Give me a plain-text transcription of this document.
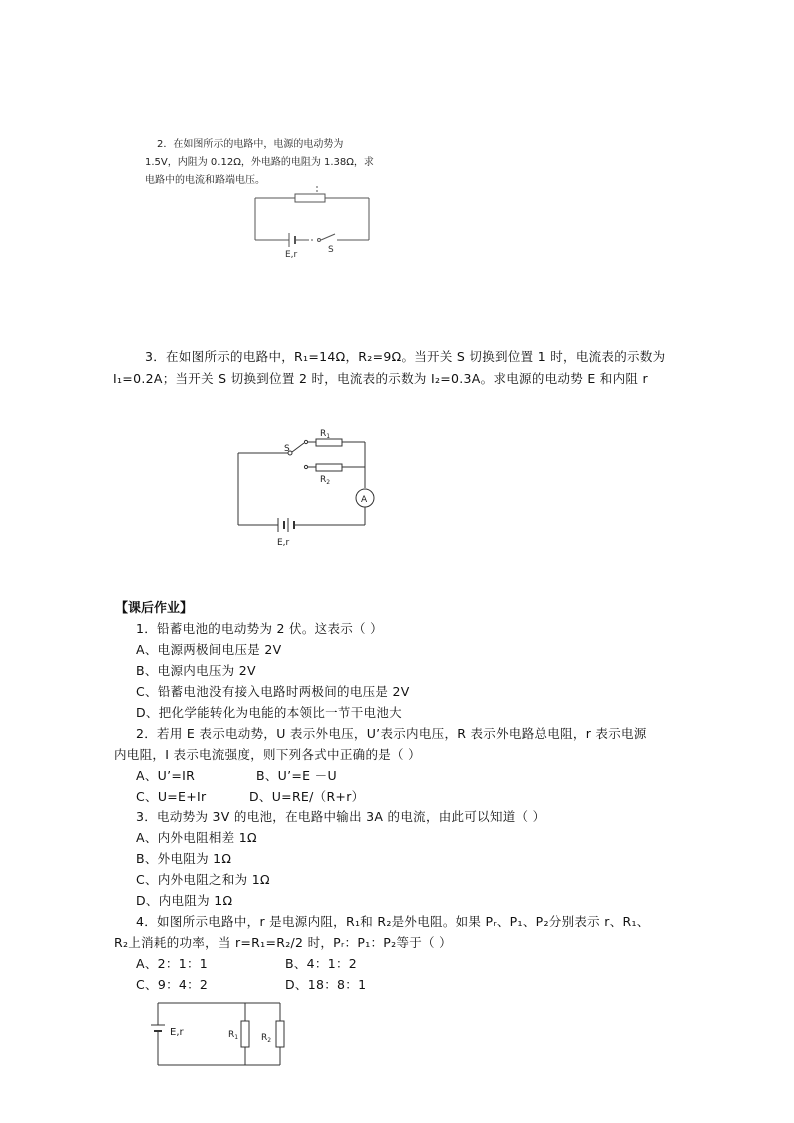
2．在如图所示的电路中，电源的电动势为
1.5V，内阻为 0.12Ω，外电路的电阻为 1.38Ω，求
电路中的电流和路端电压。
E,r	S
3．在如图所示的电路中，R₁=14Ω，R₂=9Ω。当开关 S 切换到位置 1 时，电流表的示数为
I₁=0.2A；当开关 S 切换到位置 2 时，电流表的示数为 I₂=0.3A。求电源的电动势 E 和内阻 r
S
$R_1$
$R_2$
A
E,r
【课后作业】
1．铅蓄电池的电动势为 2 伏。这表示（ ）
A、电源两极间电压是 2V
B、电源内电压为 2V
C、铅蓄电池没有接入电路时两极间的电压是 2V
D、把化学能转化为电能的本领比一节干电池大
2．若用 E 表示电动势，U 表示外电压，U’表示内电压，R 表示外电路总电阻，r 表示电源
内电阻，I 表示电流强度，则下列各式中正确的是（ ）
A、U’=IR	B、U’=E －U
C、U=E+Ir	D、U=RE/（R+r）
3．电动势为 3V 的电池，在电路中输出 3A 的电流，由此可以知道（ ）
A、内外电阻相差 1Ω
B、外电阻为 1Ω
C、内外电阻之和为 1Ω
D、内电阻为 1Ω
4．如图所示电路中，r 是电源内阻，R₁和 R₂是外电阻。如果 Pᵣ、P₁、P₂分别表示 r、R₁、
R₂上消耗的功率，当 r=R₁=R₂/2 时，Pᵣ：P₁：P₂等于（ ）
A、2：1：1	B、4：1：2
C、9：4：2	D、18：8：1
E,r	$R_1$	$R_2$
